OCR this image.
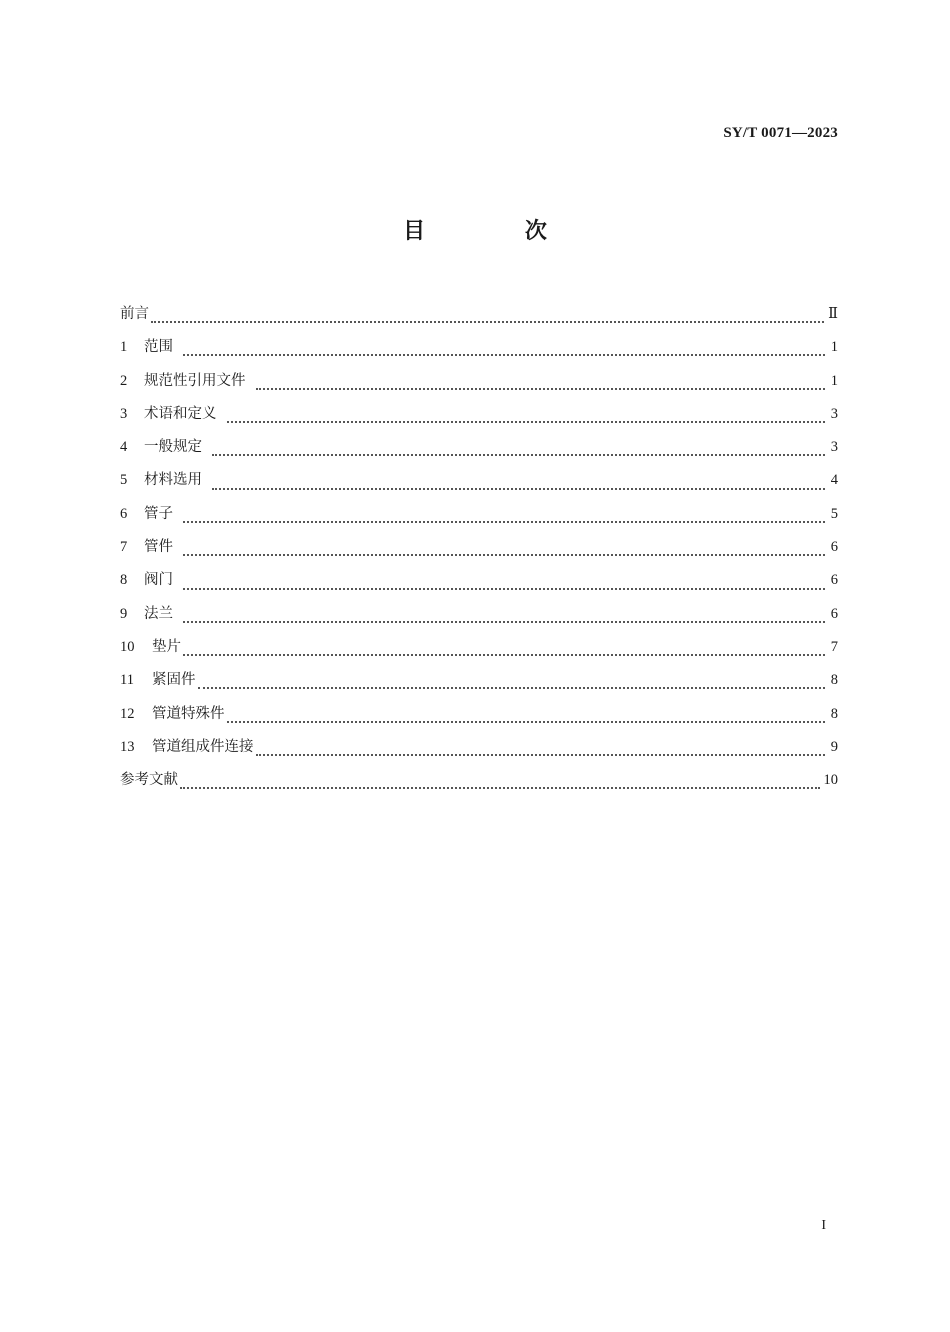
SY/T 0071—2023
目 次
前言	Ⅱ
1	范围	1
2	规范性引用文件	1
3	术语和定义	3
4	一般规定	3
5	材料选用	4
6	管子	5
7	管件	6
8	阀门	6
9	法兰	6
10	垫片	7
11	紧固件	8
12	管道特殊件	8
13	管道组成件连接	9
参考文献	10
I
